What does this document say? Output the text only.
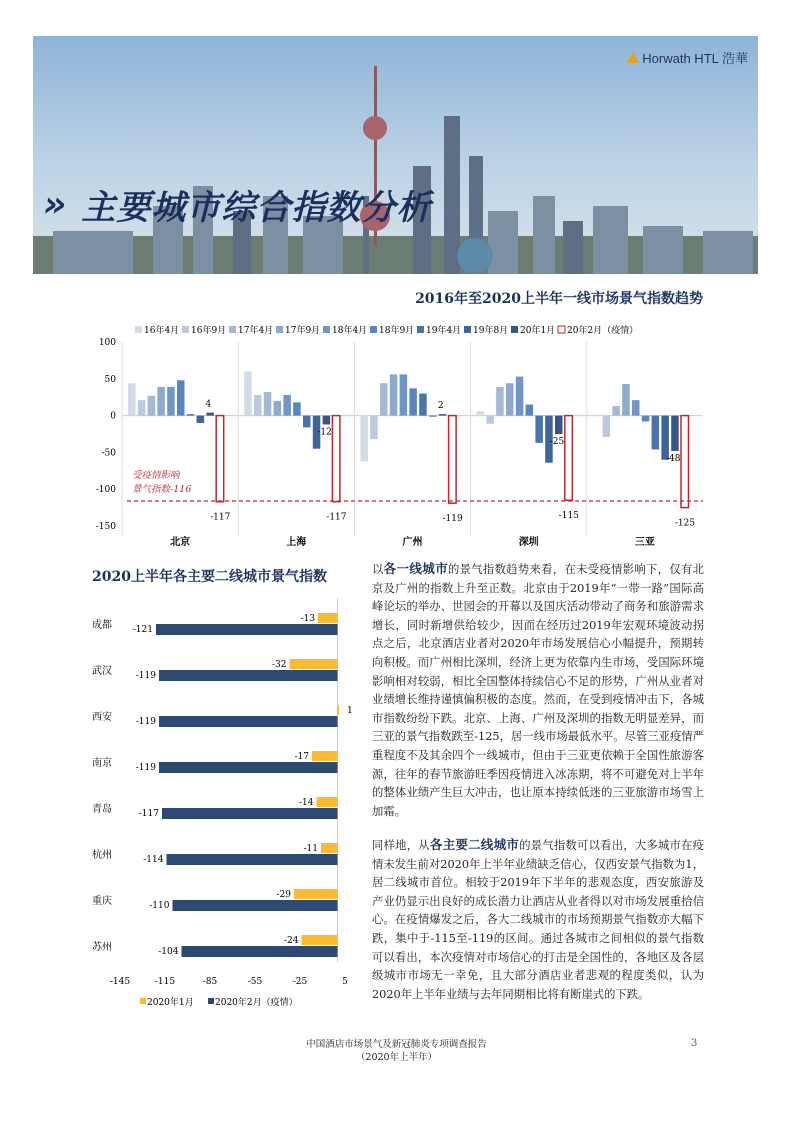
Horwath HTL 浩華
» 主要城市综合指数分析
2016年至2020上半年一线市场景气指数趋势
16年4月 16年9月 17年4月 17年9月 18年4月 18年9月 19年4月 19年8月 20年1月 20年2月（疫情）
100
50
0
-50
-100
-150
北京
4
-117
上海
-12
-117
广州
2
-119
深圳
-25
-115
三亚
-48
-125
受疫情影响
景气指数-116
2020上半年各主要二线城市景气指数
成都
-13
-121
武汉
-32
-119
西安
1
-119
南京
-17
-119
青岛
-14
-117
杭州
-11
-114
重庆
-29
-110
苏州
-24
-104
-145	-115	-85	-55	-25	5
2020年1月 2020年2月（疫情）
以各一线城市的景气指数趋势来看，在未受疫情影响下，仅有北京及广州的指数上升至正数。北京由于2019年“一带一路”国际高峰论坛的举办、世园会的开幕以及国庆活动带动了商务和旅游需求增长，同时新增供给较少，因而在经历过2019年宏观环境波动拐点之后，北京酒店业者对2020年市场发展信心小幅提升，预期转向积极。而广州相比深圳，经济上更为依靠内生市场，受国际环境影响相对较弱，相比全国整体持续信心不足的形势，广州从业者对业绩增长维持谨慎偏积极的态度。然而，在受到疫情冲击下，各城市指数纷纷下跌。北京、上海、广州及深圳的指数无明显差异，而三亚的景气指数跌至-125，居一线市场最低水平。尽管三亚疫情严重程度不及其余四个一线城市，但由于三亚更依赖于全国性旅游客源，往年的春节旅游旺季因疫情进入冰冻期，将不可避免对上半年的整体业绩产生巨大冲击，也让原本持续低迷的三亚旅游市场雪上加霜。
同样地，从各主要二线城市的景气指数可以看出，大多城市在疫情未发生前对2020年上半年业绩缺乏信心，仅西安景气指数为1，居二线城市首位。相较于2019年下半年的悲观态度，西安旅游及产业仍显示出良好的成长潜力让酒店从业者得以对市场发展重拾信心。在疫情爆发之后，各大二线城市的市场预期景气指数亦大幅下跌，集中于-115至-119的区间。通过各城市之间相似的景气指数可以看出，本次疫情对市场信心的打击是全国性的，各地区及各层级城市市场无一幸免，且大部分酒店业者悲观的程度类似，认为2020年上半年业绩与去年同期相比将有断崖式的下跌。
中国酒店市场景气及新冠肺炎专项调查报告
（2020年上半年）
3
